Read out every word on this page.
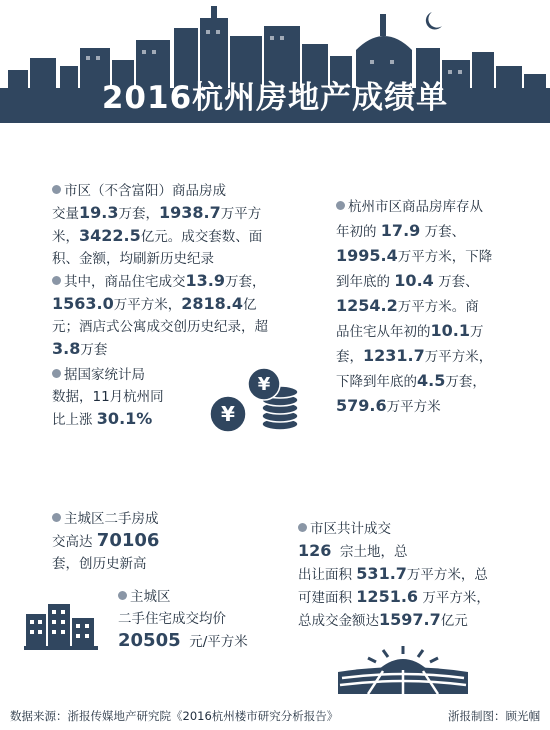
2016杭州房地产成绩单
市区（不含富阳）商品房成
交量19.3万套，1938.7万平方
米，3422.5亿元。成交套数、面
积、金额，均刷新历史纪录
其中，商品住宅成交13.9万套，
1563.0万平方米，2818.4亿
元；酒店式公寓成交创历史纪录，超
3.8万套
据国家统计局
数据，11月杭州同
比上涨 30.1%
¥
¥
杭州市区商品房库存从
年初的 17.9 万套、
1995.4万平方米，下降
到年底的 10.4 万套、
1254.2万平方米。商
品住宅从年初的10.1万
套，1231.7万平方米，
下降到年底的4.5万套，
579.6万平方米
主城区二手房成
交高达 70106
套，创历史新高
主城区
二手住宅成交均价
20505 元/平方米
市区共计成交
126 宗土地，总
出让面积 531.7万平方米，总
可建面积 1251.6 万平方米，
总成交金额达1597.7亿元
数据来源：浙报传媒地产研究院《2016杭州楼市研究分析报告》	浙报制图：顾光帼
